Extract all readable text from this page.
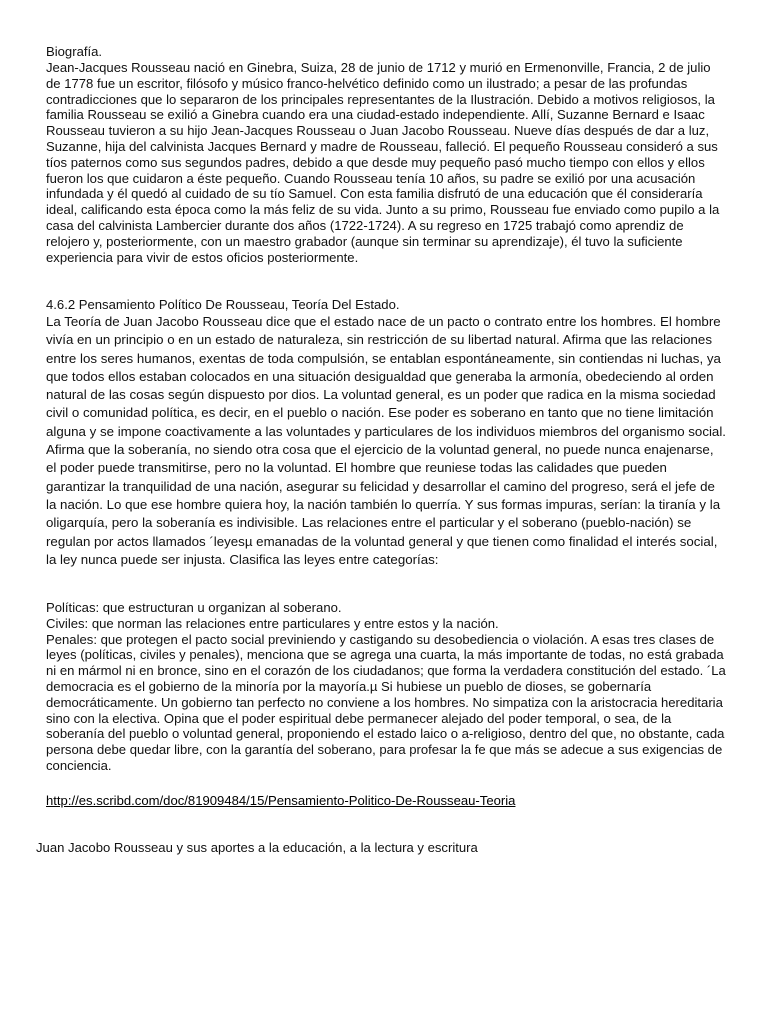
Biografía.
Jean-Jacques Rousseau nació en Ginebra, Suiza, 28 de junio de 1712 y murió en Ermenonville, Francia, 2 de julio de 1778 fue un escritor, filósofo y músico franco-helvético definido como un ilustrado; a pesar de las profundas contradicciones que lo separaron de los principales representantes de la Ilustración. Debido a motivos religiosos, la familia Rousseau se exilió a Ginebra cuando era una ciudad-estado independiente. Allí, Suzanne Bernard e Isaac Rousseau tuvieron a su hijo Jean-Jacques Rousseau o Juan Jacobo Rousseau. Nueve días después de dar a luz, Suzanne, hija del calvinista Jacques Bernard y madre de Rousseau, falleció. El pequeño Rousseau consideró a sus tíos paternos como sus segundos padres, debido a que desde muy pequeño pasó mucho tiempo con ellos y ellos fueron los que cuidaron a éste pequeño. Cuando Rousseau tenía 10 años, su padre se exilió por una acusación infundada y él quedó al cuidado de su tío Samuel. Con esta familia disfrutó de una educación que él consideraría ideal, calificando esta época como la más feliz de su vida. Junto a su primo, Rousseau fue enviado como pupilo a la casa del calvinista Lambercier durante dos años (1722-1724). A su regreso en 1725 trabajó como aprendiz de relojero y, posteriormente, con un maestro grabador (aunque sin terminar su aprendizaje), él tuvo la suficiente experiencia para vivir de estos oficios posteriormente.
4.6.2 Pensamiento Político De Rousseau, Teoría Del Estado.
La Teoría de Juan Jacobo Rousseau dice que el estado nace de un pacto o contrato entre los hombres. El hombre vivía en un principio o en un estado de naturaleza, sin restricción de su libertad natural. Afirma que las relaciones entre los seres humanos, exentas de toda compulsión, se entablan espontáneamente, sin contiendas ni luchas, ya que todos ellos estaban colocados en una situación desigualdad que generaba la armonía, obedeciendo al orden natural de las cosas según dispuesto por dios. La voluntad general, es un poder que radica en la misma sociedad civil o comunidad política, es decir, en el pueblo o nación. Ese poder es soberano en tanto que no tiene limitación alguna y se impone coactivamente a las voluntades y particulares de los individuos miembros del organismo social. Afirma que la soberanía, no siendo otra cosa que el ejercicio de la voluntad general, no puede nunca enajenarse, el poder puede transmitirse, pero no la voluntad. El hombre que reuniese todas las calidades que pueden garantizar la tranquilidad de una nación, asegurar su felicidad y desarrollar el camino del progreso, será el jefe de la nación. Lo que ese hombre quiera hoy, la nación también lo querría. Y sus formas impuras, serían: la tiranía y la oligarquía, pero la soberanía es indivisible. Las relaciones entre el particular y el soberano (pueblo-nación) se regulan por actos llamados ´leyesµ emanadas de la voluntad general y que tienen como finalidad el interés social, la ley nunca puede ser injusta. Clasifica las leyes entre categorías:

Políticas: que estructuran u organizan al soberano.

Civiles: que norman las relaciones entre particulares y entre estos y la nación.

Penales: que protegen el pacto social previniendo y castigando su desobediencia o violación. A esas tres clases de leyes (políticas, civiles y penales), menciona que se agrega una cuarta, la más importante de todas, no está grabada ni en mármol ni en bronce, sino en el corazón de los ciudadanos; que forma la verdadera constitución del estado. ´La democracia es el gobierno de la minoría por la mayoría.µ Si hubiese un pueblo de dioses, se gobernaría democráticamente. Un gobierno tan perfecto no conviene a los hombres. No simpatiza con la aristocracia hereditaria sino con la electiva. Opina que el poder espiritual debe permanecer alejado del poder temporal, o sea, de la soberanía del pueblo o voluntad general, proponiendo el estado laico o a-religioso, dentro del que, no obstante, cada persona debe quedar libre, con la garantía del soberano, para profesar la fe que más se adecue a sus exigencias de conciencia.

http://es.scribd.com/doc/81909484/15/Pensamiento-Politico-De-Rousseau-Teoria
Juan Jacobo Rousseau y sus aportes a la educación, a la lectura y escritura
